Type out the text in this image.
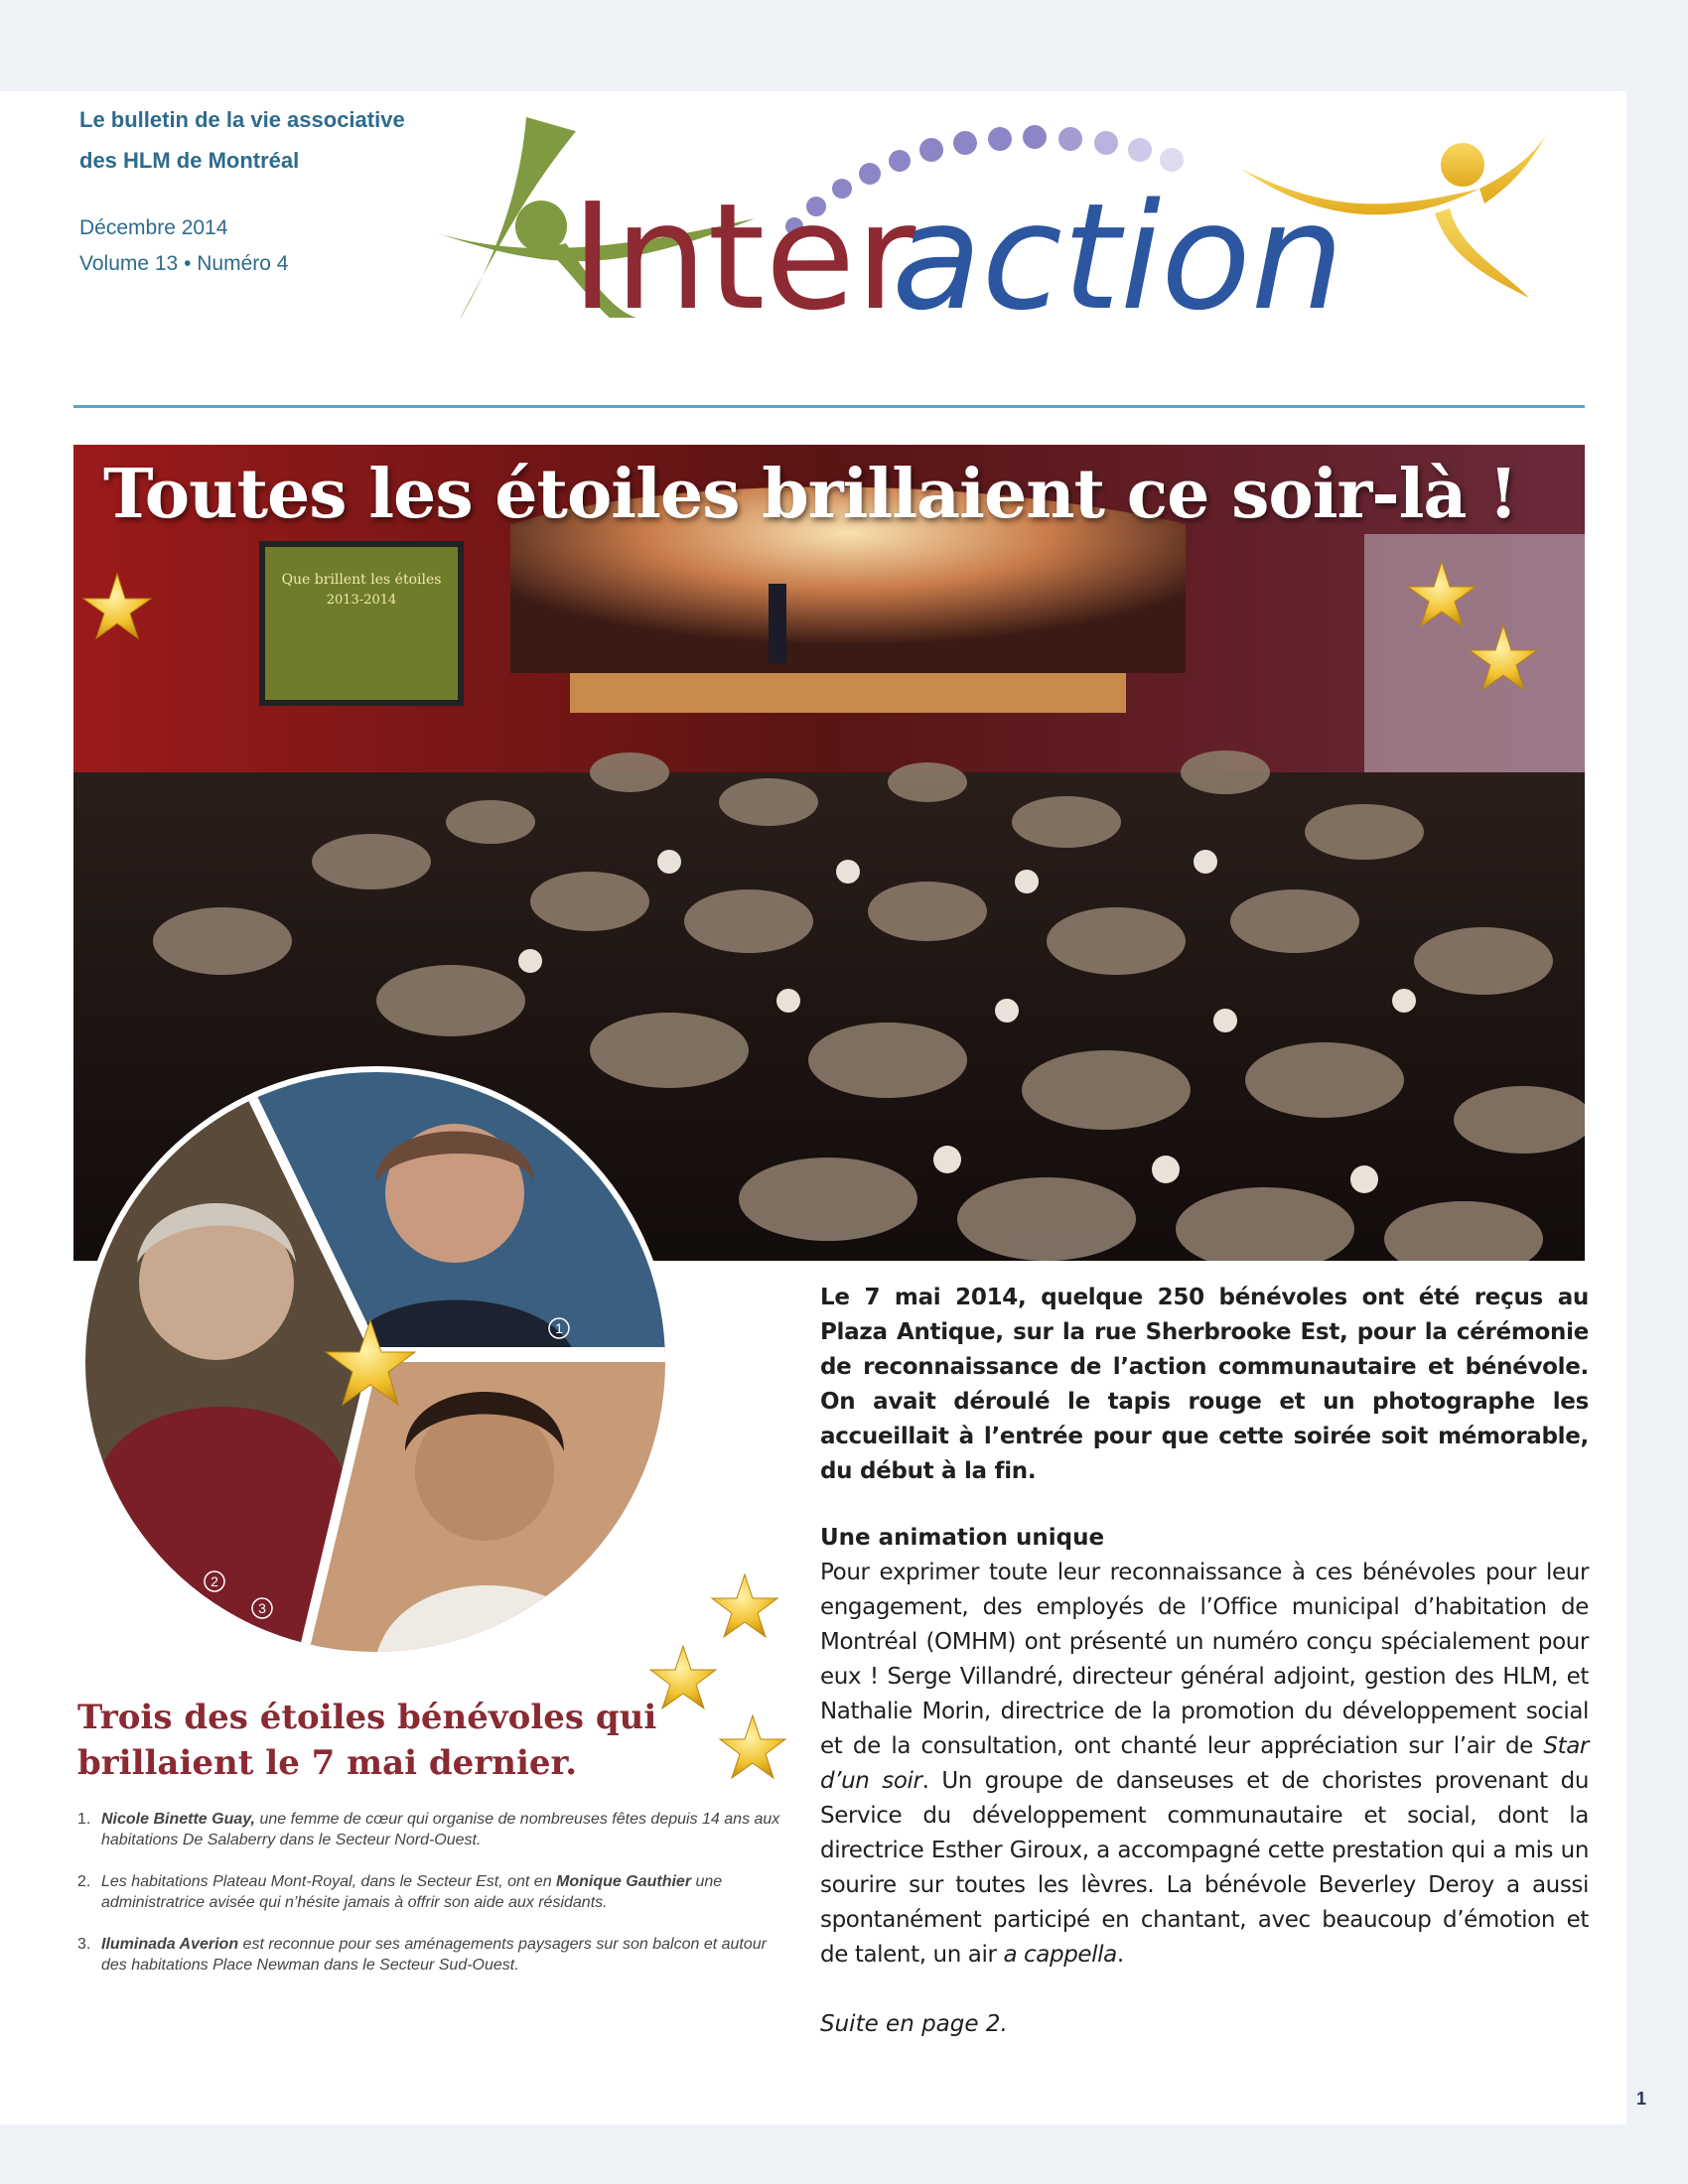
Le bulletin de la vie associative
des HLM de Montréal
Décembre 2014
Volume 13 • Numéro 4 Inter
action
Que brillent les étoiles
2013-2014
Toutes les étoiles brillaient ce soir-là !
1
2
3
Trois des étoiles bénévoles qui
brillaient le 7 mai dernier.
1. Nicole Binette Guay, une femme de cœur qui organise de nombreuses fêtes depuis 14 ans aux habitations De Salaberry dans le Secteur Nord-Ouest.
2. Les habitations Plateau Mont-Royal, dans le Secteur Est, ont en Monique Gauthier une administratrice avisée qui n’hésite jamais à offrir son aide aux résidants.
3. Iluminada Averion est reconnue pour ses aménagements paysagers sur son balcon et autour des habitations Place Newman dans le Secteur Sud-Ouest.

Le 7 mai 2014, quelque 250 bénévoles ont été reçus au Plaza Antique, sur la rue Sherbrooke Est, pour la cérémonie de reconnaissance de l’action communautaire et bénévole. On avait déroulé le tapis rouge et un photographe les accueillait à l’entrée pour que cette soirée soit mémorable, du début à la fin.

Une animation unique

Pour exprimer toute leur reconnaissance à ces bénévoles pour leur engagement, des employés de l’Office municipal d’habitation de Montréal (OMHM) ont présenté un numéro conçu spécialement pour eux ! Serge Villandré, directeur général adjoint, gestion des HLM, et Nathalie Morin, directrice de la promotion du développement social et de la consultation, ont chanté leur appréciation sur l’air de Star d’un soir. Un groupe de danseuses et de choristes provenant du Service du développement communautaire et social, dont la directrice Esther Giroux, a accompagné cette prestation qui a mis un sourire sur toutes les lèvres. La bénévole Beverley Deroy a aussi spontanément participé en chantant, avec beaucoup d’émotion et de talent, un air a cappella.

Suite en page 2.

1
